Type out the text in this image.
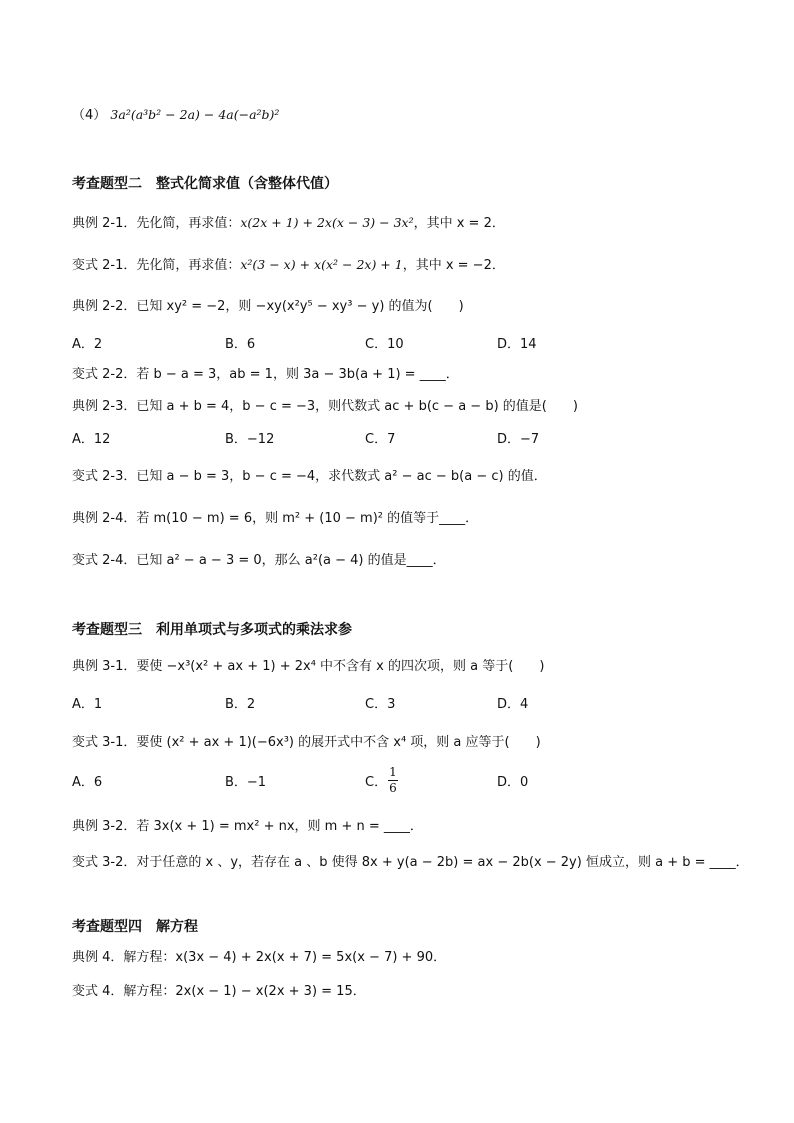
（4） 3a²(a³b² − 2a) − 4a(−a²b)²
考查题型二　整式化简求值（含整体代值）
典例 2-1．先化简，再求值：x(2x + 1) + 2x(x − 3) − 3x²，其中 x = 2．
变式 2-1．先化简，再求值：x²(3 − x) + x(x² − 2x) + 1，其中 x = −2．
典例 2-2．已知 xy² = −2，则 −xy(x²y⁵ − xy³ − y) 的值为(　　)
A．2	B．6	C．10	D．14
变式 2-2．若 b − a = 3，ab = 1，则 3a − 3b(a + 1) = ____．
典例 2-3．已知 a + b = 4，b − c = −3，则代数式 ac + b(c − a − b) 的值是(　　)
A．12	B．−12	C．7	D．−7
变式 2-3．已知 a − b = 3，b − c = −4，求代数式 a² − ac − b(a − c) 的值．
典例 2-4．若 m(10 − m) = 6，则 m² + (10 − m)² 的值等于____．
变式 2-4．已知 a² − a − 3 = 0，那么 a²(a − 4) 的值是____．
考查题型三　利用单项式与多项式的乘法求参
典例 3-1．要使 −x³(x² + ax + 1) + 2x⁴ 中不含有 x 的四次项，则 a 等于(　　)
A．1	B．2	C．3	D．4
变式 3-1．要使 (x² + ax + 1)(−6x³) 的展开式中不含 x⁴ 项，则 a 应等于(　　)
A．6	B．−1	C．
1
6	D．0
典例 3-2．若 3x(x + 1) = mx² + nx，则 m + n = ____．
变式 3-2．对于任意的 x 、y，若存在 a 、b 使得 8x + y(a − 2b) = ax − 2b(x − 2y) 恒成立，则 a + b = ____．
考查题型四　解方程
典例 4．解方程：x(3x − 4) + 2x(x + 7) = 5x(x − 7) + 90．
变式 4．解方程：2x(x − 1) − x(2x + 3) = 15．
